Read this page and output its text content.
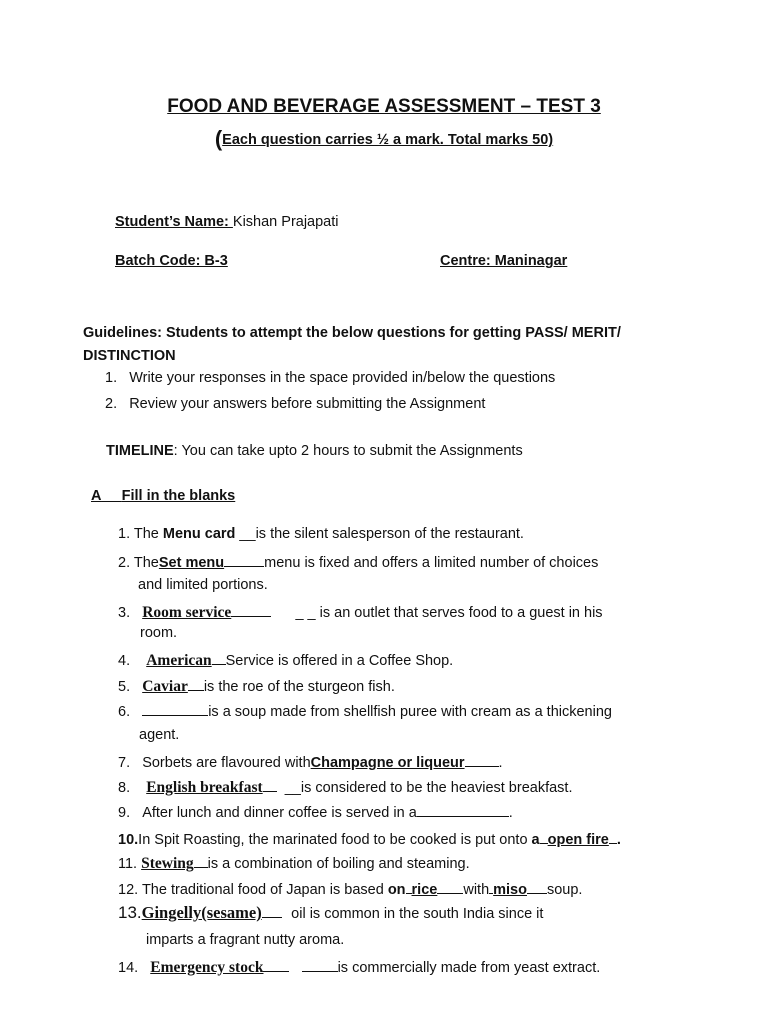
FOOD AND BEVERAGE ASSESSMENT – TEST 3
(Each question carries ½ a mark. Total marks 50)
Student’s Name: Kishan Prajapati
Batch Code: B-3	Centre: Maninagar
Guidelines: Students to attempt the below questions for getting PASS/ MERIT/
DISTINCTION
1. Write your responses in the space provided in/below the questions
2. Review your answers before submitting the Assignment
TIMELINE: You can take upto 2 hours to submit the Assignments
A Fill in the blanks
1. The Menu card __is the silent salesperson of the restaurant.
2. TheSet menu	menu is fixed and offers a limited number of choices
and limited portions.
3. Room service	_ _ is an outlet that serves food to a guest in his
room.
4. American Service is offered in a Coffee Shop.
5. Caviar is the roe of the sturgeon fish.
6.	is a soup made from shellfish puree with cream as a thickening
agent.
7. Sorbets are flavoured withChampagne or liqueur .
8. English breakfast __is considered to be the heaviest breakfast.
9. After lunch and dinner coffee is served in a	.
10.In Spit Roasting, the marinated food to be cooked is put onto a open fire .
11. Stewing is a combination of boiling and steaming.
12. The traditional food of Japan is based on rice with miso soup.
13.Gingelly(sesame) oil is common in the south India since it
imparts a fragrant nutty aroma.
14. Emergency stock	is commercially made from yeast extract.
